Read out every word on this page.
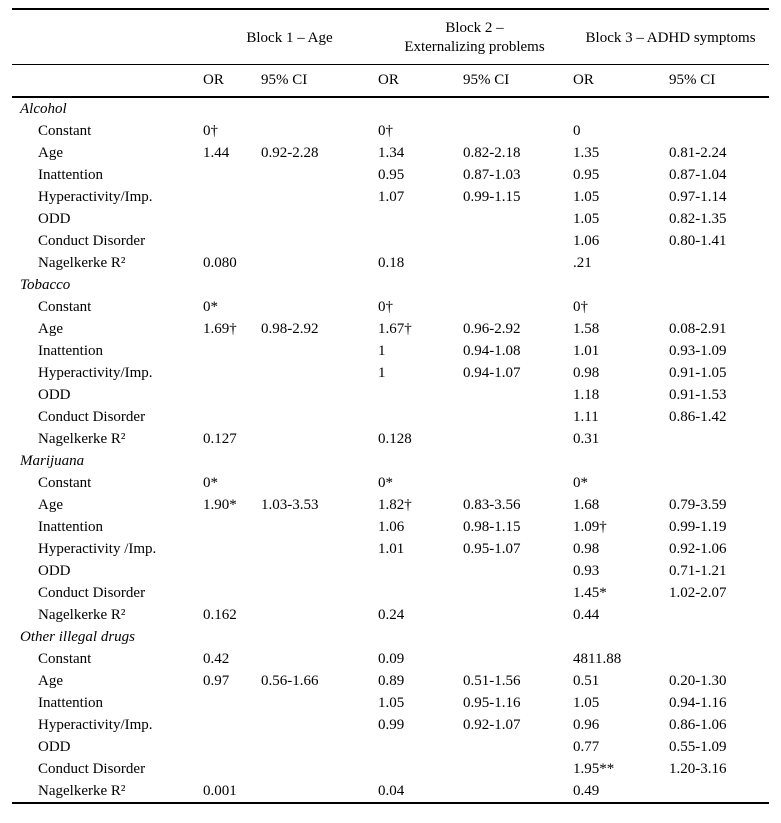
	Block 1 – Age		Block 2 –
Externalizing problems		Block 3 – ADHD symptoms	

	OR	95% CI	OR	95% CI	OR	95% CI
Alcohol						
Constant	0†		0†		0	
Age	1.44	0.92-2.28	1.34	0.82-2.18	1.35	0.81-2.24
Inattention			0.95	0.87-1.03	0.95	0.87-1.04
Hyperactivity/Imp.			1.07	0.99-1.15	1.05	0.97-1.14
ODD					1.05	0.82-1.35
Conduct Disorder					1.06	0.80-1.41
Nagelkerke R²	0.080		0.18		.21	
Tobacco						
Constant	0*		0†		0†	
Age	1.69†	0.98-2.92	1.67†	0.96-2.92	1.58	0.08-2.91
Inattention			1	0.94-1.08	1.01	0.93-1.09
Hyperactivity/Imp.			1	0.94-1.07	0.98	0.91-1.05
ODD					1.18	0.91-1.53
Conduct Disorder					1.11	0.86-1.42
Nagelkerke R²	0.127		0.128		0.31	
Marijuana						
Constant	0*		0*		0*	
Age	1.90*	1.03-3.53	1.82†	0.83-3.56	1.68	0.79-3.59
Inattention			1.06	0.98-1.15	1.09†	0.99-1.19
Hyperactivity /Imp.			1.01	0.95-1.07	0.98	0.92-1.06
ODD					0.93	0.71-1.21
Conduct Disorder					1.45*	1.02-2.07
Nagelkerke R²	0.162		0.24		0.44	
Other illegal drugs						
Constant	0.42		0.09		4811.88	
Age	0.97	0.56-1.66	0.89	0.51-1.56	0.51	0.20-1.30
Inattention			1.05	0.95-1.16	1.05	0.94-1.16
Hyperactivity/Imp.			0.99	0.92-1.07	0.96	0.86-1.06
ODD					0.77	0.55-1.09
Conduct Disorder					1.95**	1.20-3.16
Nagelkerke R²	0.001		0.04		0.49	
